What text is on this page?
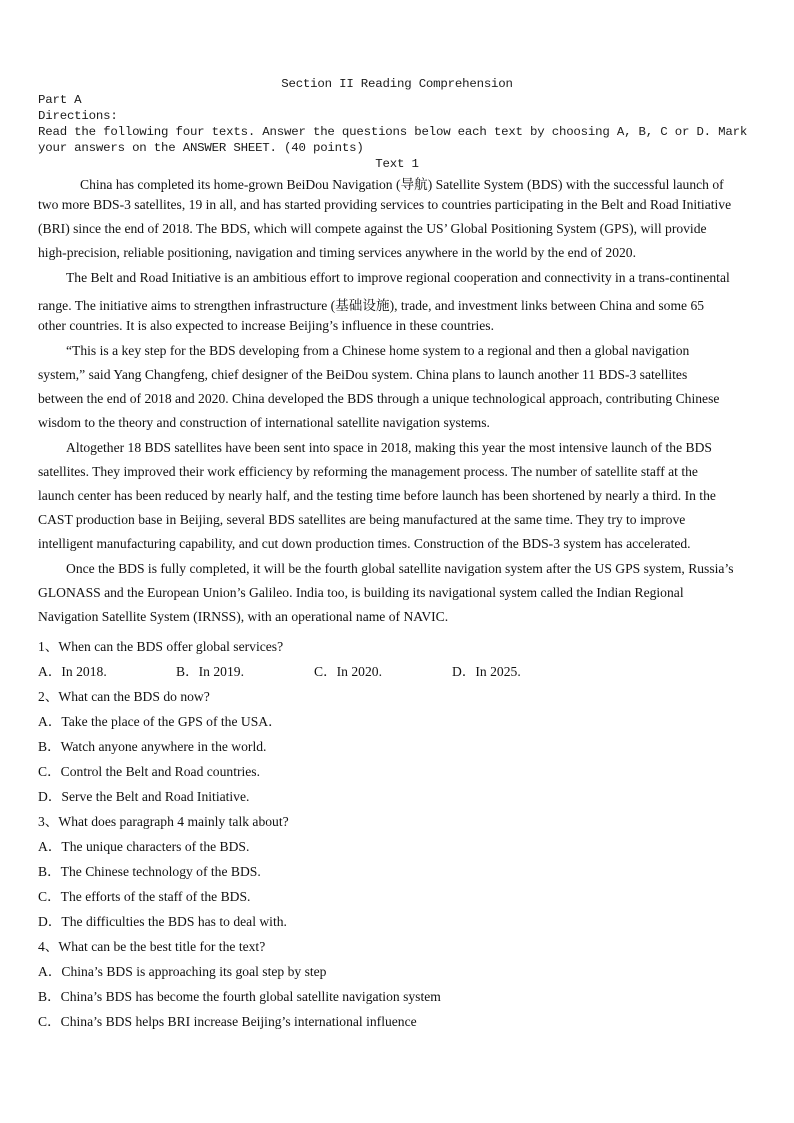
Section II Reading Comprehension
Part A
Directions:
Read the following four texts. Answer the questions below each text by choosing A, B, C or D. Mark
your answers on the ANSWER SHEET. (40 points)
Text 1
China has completed its home-grown BeiDou Navigation (导航) Satellite System (BDS) with the successful launch of
two more BDS-3 satellites, 19 in all, and has started providing services to countries participating in the Belt and Road Initiative
(BRI) since the end of 2018. The BDS, which will compete against the US’ Global Positioning System (GPS), will provide
high-precision, reliable positioning, navigation and timing services anywhere in the world by the end of 2020.
The Belt and Road Initiative is an ambitious effort to improve regional cooperation and connectivity in a trans-continental
range. The initiative aims to strengthen infrastructure (基础设施), trade, and investment links between China and some 65
other countries. It is also expected to increase Beijing’s influence in these countries.
“This is a key step for the BDS developing from a Chinese home system to a regional and then a global navigation
system,” said Yang Changfeng, chief designer of the BeiDou system. China plans to launch another 11 BDS-3 satellites
between the end of 2018 and 2020. China developed the BDS through a unique technological approach, contributing Chinese
wisdom to the theory and construction of international satellite navigation systems.
Altogether 18 BDS satellites have been sent into space in 2018, making this year the most intensive launch of the BDS
satellites. They improved their work efficiency by reforming the management process. The number of satellite staff at the
launch center has been reduced by nearly half, and the testing time before launch has been shortened by nearly a third. In the
CAST production base in Beijing, several BDS satellites are being manufactured at the same time. They try to improve
intelligent manufacturing capability, and cut down production times. Construction of the BDS-3 system has accelerated.
Once the BDS is fully completed, it will be the fourth global satellite navigation system after the US GPS system, Russia’s
GLONASS and the European Union’s Galileo. India too, is building its navigational system called the Indian Regional
Navigation Satellite System (IRNSS), with an operational name of NAVIC.
1、When can the BDS offer global services?
A．In 2018.	B．In 2019.	C．In 2020.	D．In 2025.
2、What can the BDS do now?
A．Take the place of the GPS of the USA．
B．Watch anyone anywhere in the world.
C．Control the Belt and Road countries.
D．Serve the Belt and Road Initiative.
3、What does paragraph 4 mainly talk about?
A．The unique characters of the BDS.
B．The Chinese technology of the BDS.
C．The efforts of the staff of the BDS.
D．The difficulties the BDS has to deal with.
4、What can be the best title for the text?
A．China’s BDS is approaching its goal step by step
B．China’s BDS has become the fourth global satellite navigation system
C．China’s BDS helps BRI increase Beijing’s international influence
